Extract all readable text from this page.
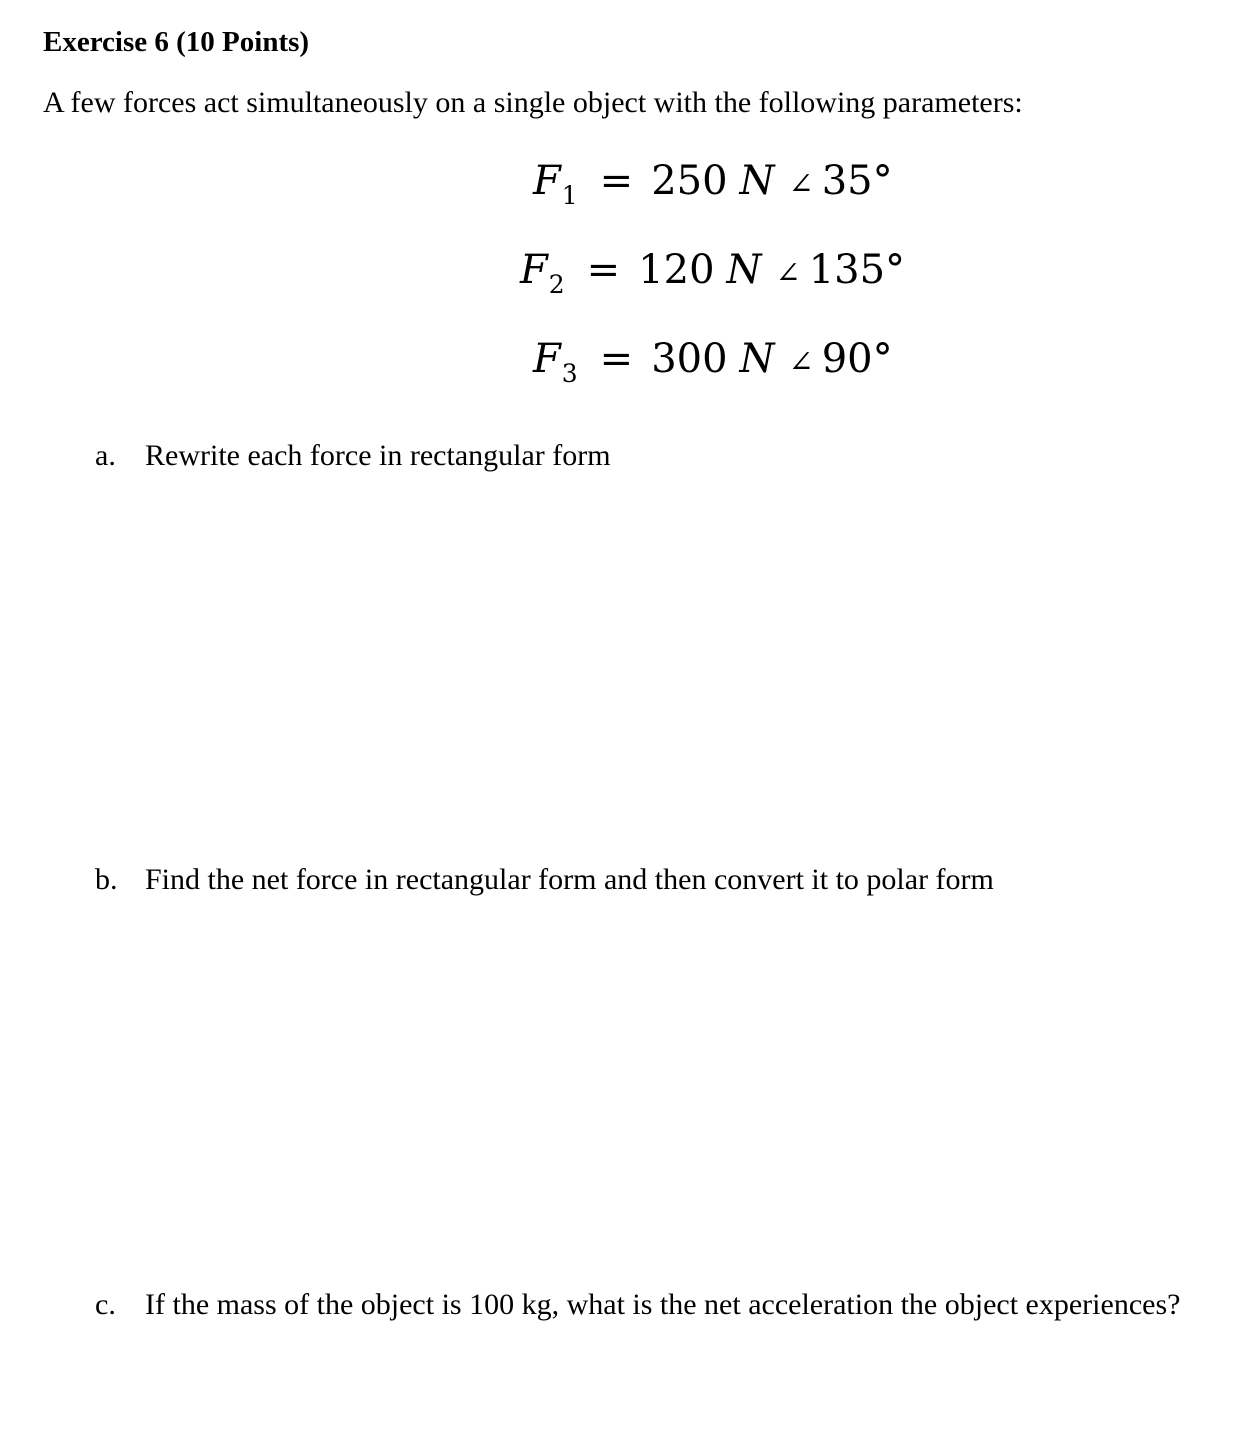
Exercise 6 (10 Points)
A few forces act simultaneously on a single object with the following parameters:
$F_1 = 250$ N ∠ 35°
$F_2 = 120$ N ∠ 135°
$F_3 = 300$ N ∠ 90°
a. Rewrite each force in rectangular form
b. Find the net force in rectangular form and then convert it to polar form
c. If the mass of the object is 100 kg, what is the net acceleration the object experiences?
